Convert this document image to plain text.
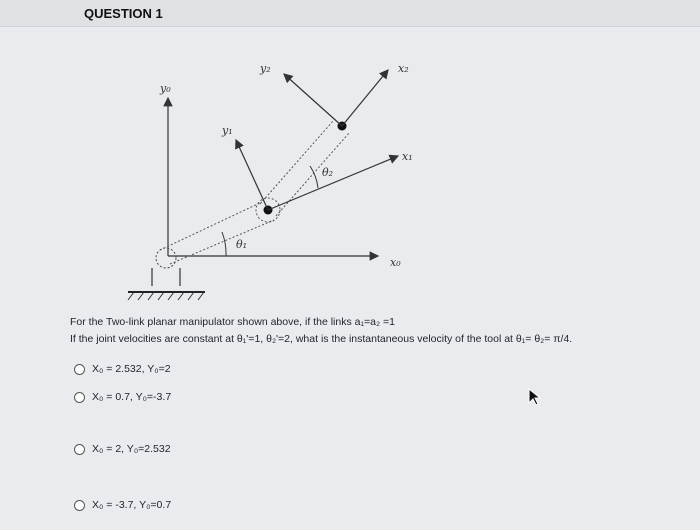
QUESTION 1
y₀
x₀
y₁
x₁
y₂	x₂
θ₁
θ₂
For the Two-link planar manipulator shown above, if the links a₁=a₂ =1
If the joint velocities are constant at θ₁'=1, θ₂'=2, what is the instantaneous velocity of the tool at θ₁= θ₂= π/4.
X₀ = 2.532, Y₀=2
X₀ = 0.7, Y₀=-3.7
X₀ = 2, Y₀=2.532
X₀ = -3.7, Y₀=0.7
